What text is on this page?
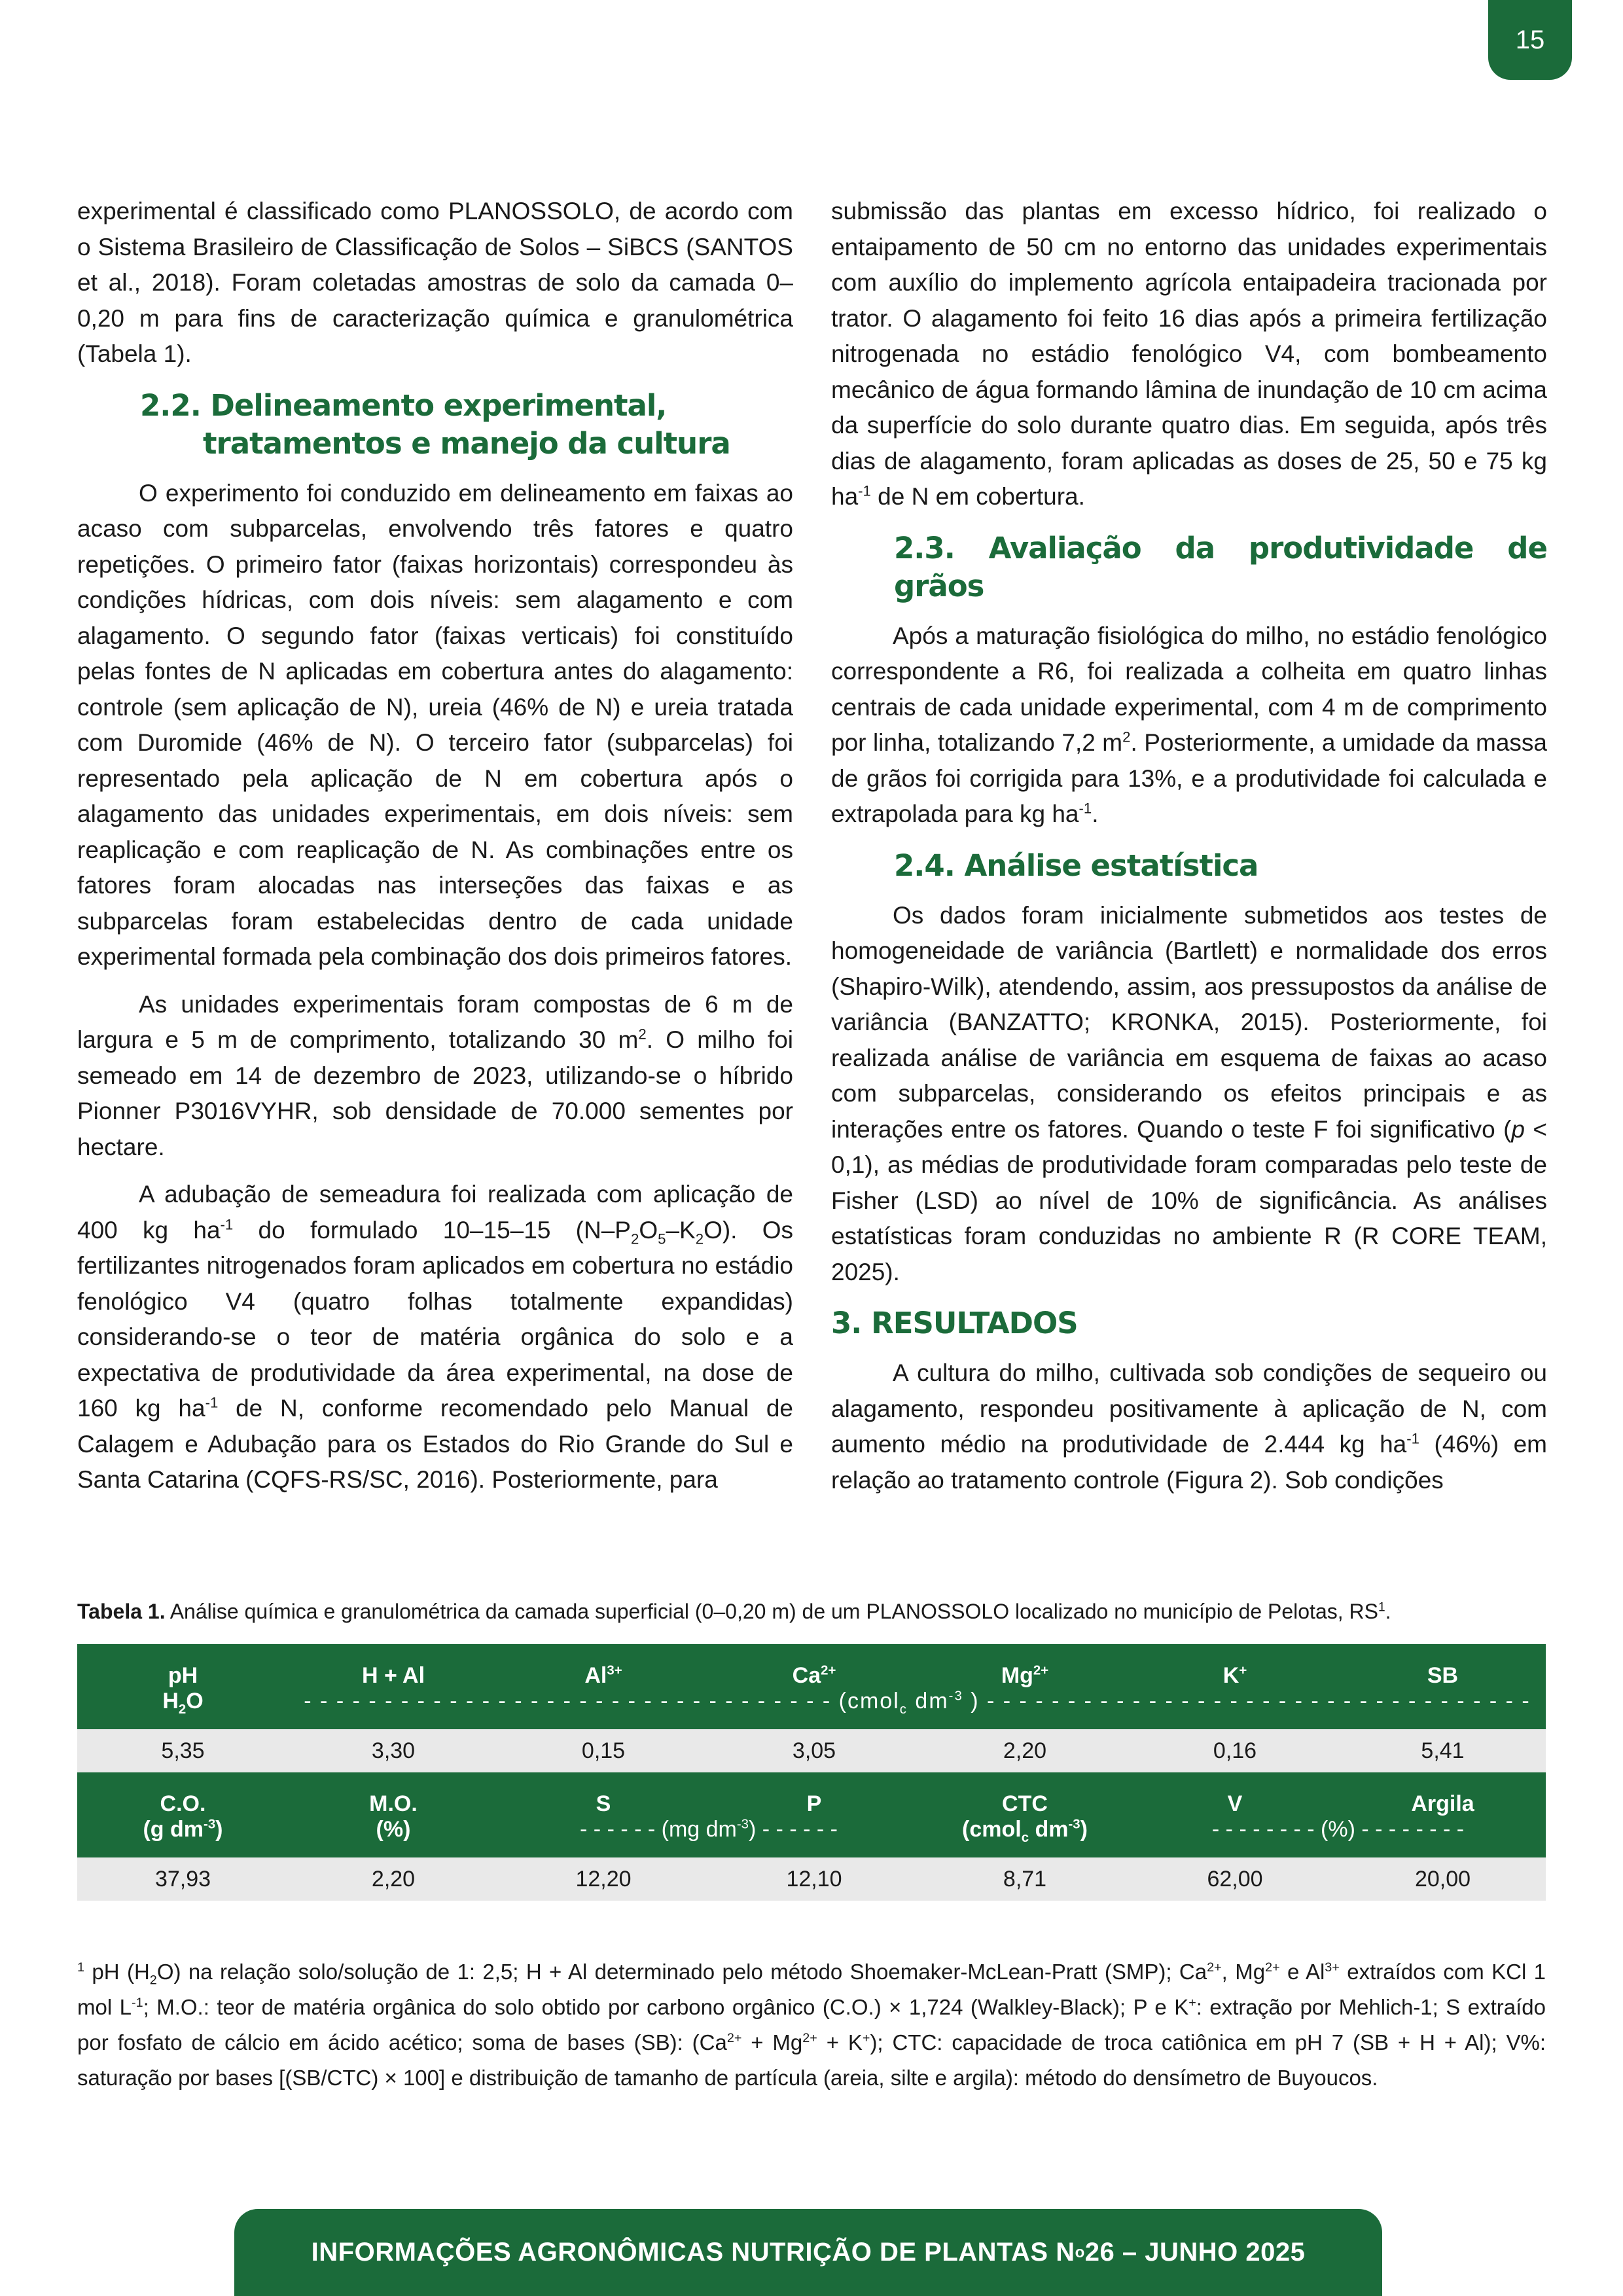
15

experimental é classificado como PLANOSSOLO, de acordo com o Sistema Brasileiro de Classificação de Solos – SiBCS (SANTOS et al., 2018). Foram coletadas amostras de solo da camada 0–0,20 m para fins de caracterização química e granulométrica (Tabela 1).

2.2. Delineamento experimental,
tratamentos e manejo da cultura

O experimento foi conduzido em delineamento em faixas ao acaso com subparcelas, envolvendo três fatores e quatro repetições. O primeiro fator (faixas horizontais) correspondeu às condições hídricas, com dois níveis: sem alagamento e com alagamento. O segundo fator (faixas verticais) foi constituído pelas fontes de N aplicadas em cobertura antes do alagamento: controle (sem aplicação de N), ureia (46% de N) e ureia tratada com Duromide (46% de N). O terceiro fator (subparcelas) foi representado pela aplicação de N em cobertura após o alagamento das unidades experimentais, em dois níveis: sem reaplicação e com reaplicação de N. As combinações entre os fatores foram alocadas nas interseções das faixas e as subparcelas foram estabelecidas dentro de cada unidade experimental formada pela combinação dos dois primeiros fatores.

As unidades experimentais foram compostas de 6 m de largura e 5 m de comprimento, totalizando 30 $m^2$. O milho foi semeado em 14 de dezembro de 2023, utilizando-se o híbrido Pionner P3016VYHR, sob densidade de 70.000 sementes por hectare.

A adubação de semeadura foi realizada com aplicação de 400 kg $ha^{-1}$ do formulado 10–15–15 $(N-P_2O_5-K_2O)$. Os fertilizantes nitrogenados foram aplicados em cobertura no estádio fenológico V4 (quatro folhas totalmente expandidas) considerando-se o teor de matéria orgânica do solo e a expectativa de produtividade da área experimental, na dose de 160 kg $ha^{-1}$ de N, conforme recomendado pelo Manual de Calagem e Adubação para os Estados do Rio Grande do Sul e Santa Catarina (CQFS-RS/SC, 2016). Posteriormente, para

submissão das plantas em excesso hídrico, foi realizado o entaipamento de 50 cm no entorno das unidades experimentais com auxílio do implemento agrícola entaipadeira tracionada por trator. O alagamento foi feito 16 dias após a primeira fertilização nitrogenada no estádio fenológico V4, com bombeamento mecânico de água formando lâmina de inundação de 10 cm acima da superfície do solo durante quatro dias. Em seguida, após três dias de alagamento, foram aplicadas as doses de 25, 50 e 75 kg $ha^{-1}$ de N em cobertura.

2.3. Avaliação da produtividade de grãos

Após a maturação fisiológica do milho, no estádio fenológico correspondente a R6, foi realizada a colheita em quatro linhas centrais de cada unidade experimental, com 4 m de comprimento por linha, totalizando 7,2 $m^2$. Posteriormente, a umidade da massa de grãos foi corrigida para 13%, e a produtividade foi calculada e extrapolada para kg $ha^{-1}$.

2.4. Análise estatística

Os dados foram inicialmente submetidos aos testes de homogeneidade de variância (Bartlett) e normalidade dos erros (Shapiro-Wilk), atendendo, assim, aos pressupostos da análise de variância (BANZATTO; KRONKA, 2015). Posteriormente, foi realizada análise de variância em esquema de faixas ao acaso com subparcelas, considerando os efeitos principais e as interações entre os fatores. Quando o teste F foi significativo (p < 0,1), as médias de produtividade foram comparadas pelo teste de Fisher (LSD) ao nível de 10% de significância. As análises estatísticas foram conduzidas no ambiente R (R CORE TEAM, 2025).

3. RESULTADOS

A cultura do milho, cultivada sob condições de sequeiro ou alagamento, respondeu positivamente à aplicação de N, com aumento médio na produtividade de 2.444 kg $ha^{-1}$ (46%) em relação ao tratamento controle (Figura 2). Sob condições

Tabela 1. Análise química e granulométrica da camada superficial (0–0,20 m) de um PLANOSSOLO localizado no município de Pelotas, $RS^1$.
pH	H + Al	$Al^{3+}$	$Ca^{2+}$	$Mg^{2+}$	K+	SB
$H_2O$	- - - - - - - - - - - - - - - - - - - - - - - - - - - - - - - - - (cmol$_c$ $dm^{-3}$ ) - - - - - - - - - - - - - - - - - - - - - - - - - - - - - - - - - -					
5,35	3,30	0,15	3,05	2,20	0,16	5,41
C.O.	M.O.	S	P	CTC	V	Argila
(g $dm^{-3}$)	(%)	- - - - - - (mg $dm^{-3}$) - - - - - -		(cmol$_c$ $dm^{-3}$)	- - - - - - - - (%) - - - - - - - -	
37,93	2,20	12,20	12,10	8,71	62,00	20,00
$^1$ pH $(H_2O)$ na relação solo/solução de 1: 2,5; H + Al determinado pelo método Shoemaker-McLean-Pratt (SMP); $Ca^{2+}$, $Mg^{2+}$ e $Al^{3+}$ extraídos com KCl 1 mol $L^{-1}$; M.O.: teor de matéria orgânica do solo obtido por carbono orgânico (C.O.) × 1,724 (Walkley-Black); P e K+: extração por Mehlich-1; S extraído por fosfato de cálcio em ácido acético; soma de bases (SB): $(Ca^{2+} + Mg^{2+} + K^+)$; CTC: capacidade de troca catiônica em pH 7 (SB + H + Al); V%: saturação por bases [(SB/CTC) × 100] e distribuição de tamanho de partícula (areia, silte e argila): método do densímetro de Buyoucos.
INFORMAÇÕES AGRONÔMICAS NUTRIÇÃO DE PLANTAS N o 26 – JUNHO 2025
